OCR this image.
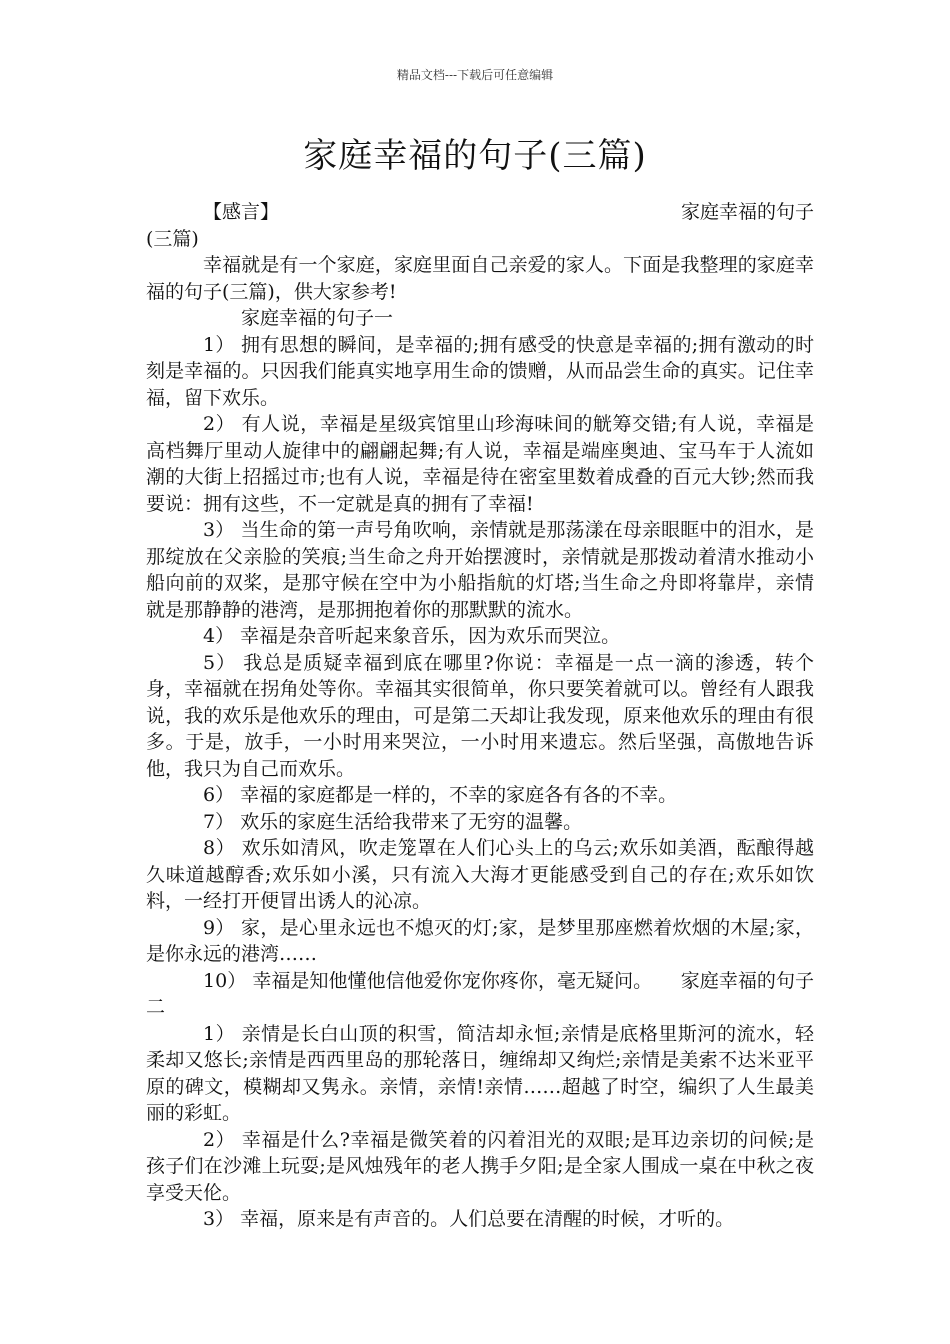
精品文档---下载后可任意编辑
家庭幸福的句子(三篇)
【感言】	家庭幸福的句子

(三篇)

幸福就是有一个家庭，家庭里面自己亲爱的家人。下面是我整理的家庭幸福的句子(三篇)，供大家参考!

家庭幸福的句子一

1） 拥有思想的瞬间，是幸福的;拥有感受的快意是幸福的;拥有激动的时刻是幸福的。只因我们能真实地享用生命的馈赠，从而品尝生命的真实。记住幸福，留下欢乐。

2） 有人说，幸福是星级宾馆里山珍海味间的觥筹交错;有人说，幸福是高档舞厅里动人旋律中的翩翩起舞;有人说，幸福是端座奥迪、宝马车于人流如潮的大街上招摇过市;也有人说，幸福是待在密室里数着成叠的百元大钞;然而我要说：拥有这些，不一定就是真的拥有了幸福!

3） 当生命的第一声号角吹响，亲情就是那荡漾在母亲眼眶中的泪水，是那绽放在父亲脸的笑痕;当生命之舟开始摆渡时，亲情就是那拨动着清水推动小船向前的双桨，是那守候在空中为小船指航的灯塔;当生命之舟即将靠岸，亲情就是那静静的港湾，是那拥抱着你的那默默的流水。

4） 幸福是杂音听起来象音乐，因为欢乐而哭泣。

5） 我总是质疑幸福到底在哪里?你说：幸福是一点一滴的渗透，转个身，幸福就在拐角处等你。幸福其实很简单，你只要笑着就可以。曾经有人跟我说，我的欢乐是他欢乐的理由，可是第二天却让我发现，原来他欢乐的理由有很多。于是，放手，一小时用来哭泣，一小时用来遗忘。然后坚强，高傲地告诉他，我只为自己而欢乐。

6） 幸福的家庭都是一样的，不幸的家庭各有各的不幸。

7） 欢乐的家庭生活给我带来了无穷的温馨。

8） 欢乐如清风，吹走笼罩在人们心头上的乌云;欢乐如美酒，酝酿得越久味道越醇香;欢乐如小溪，只有流入大海才更能感受到自己的存在;欢乐如饮料，一经打开便冒出诱人的沁凉。

9） 家，是心里永远也不熄灭的灯;家，是梦里那座燃着炊烟的木屋;家，是你永远的港湾……

10） 幸福是知他懂他信他爱你宠你疼你，毫无疑问。　　家庭幸福的句子二

1） 亲情是长白山顶的积雪，简洁却永恒;亲情是底格里斯河的流水，轻柔却又悠长;亲情是西西里岛的那轮落日，缠绵却又绚烂;亲情是美索不达米亚平原的碑文，模糊却又隽永。亲情，亲情!亲情……超越了时空，编织了人生最美丽的彩虹。

2） 幸福是什么?幸福是微笑着的闪着泪光的双眼;是耳边亲切的问候;是孩子们在沙滩上玩耍;是风烛残年的老人携手夕阳;是全家人围成一桌在中秋之夜享受天伦。

3） 幸福，原来是有声音的。人们总要在清醒的时候，才听的。
